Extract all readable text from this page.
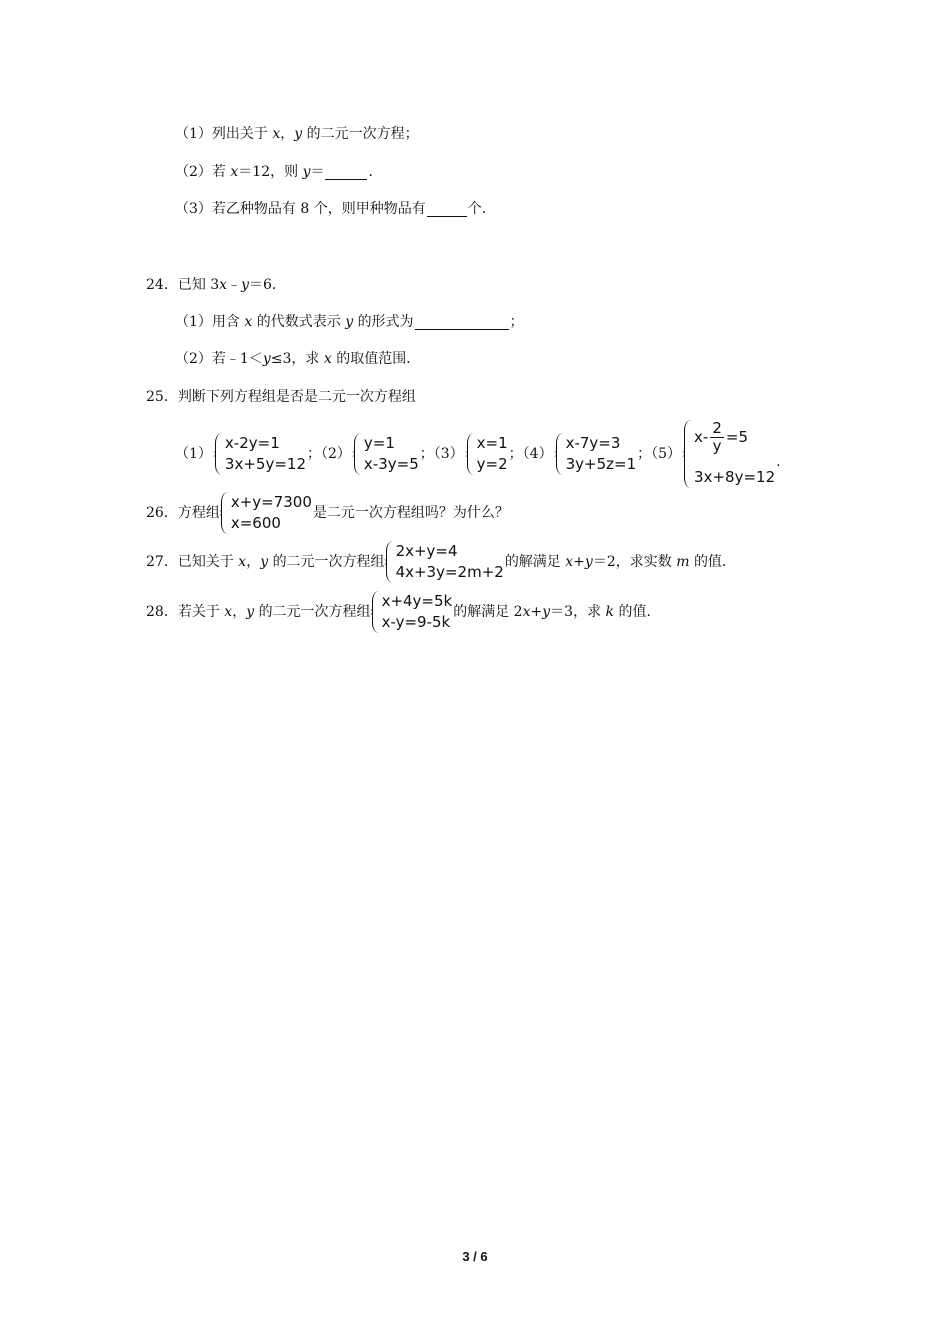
（1）列出关于
x ， y
的二元一次方程；
（2）若
x ＝12，则
y ＝	．
（3）若乙种物品有 8 个，则甲种物品有	个．
24．已知 3 x ﹣ y ＝6．
（1）用含
x
的代数式表示
y
的形式为	；
（2）若﹣1＜ y ≤3，求
x
的取值范围．
25．判断下列方程组是否是二元一次方程组
（1）
x-2y=1
3x+5y=12
；（2）
y=1
x-3y=5
；（3）
x=1
y=2
；（4）
x-7y=3
3y+5z=1
；（5）
$x- \frac{2}{y} =5$
3x+8y=12
.
26．方程组
x+y=7300
x=600
是二元一次方程组吗？为什么？
27．已知关于
x ， y
的二元一次方程组
2x+y=4
4x+3y=2m+2
的解满足
x + y ＝2，求实数
m
的值．
28．若关于
x ， y
的二元一次方程组
x+4y=5k
x-y=9-5k
的解满足 2 x + y ＝3，求
k
的值．
3 / 6
